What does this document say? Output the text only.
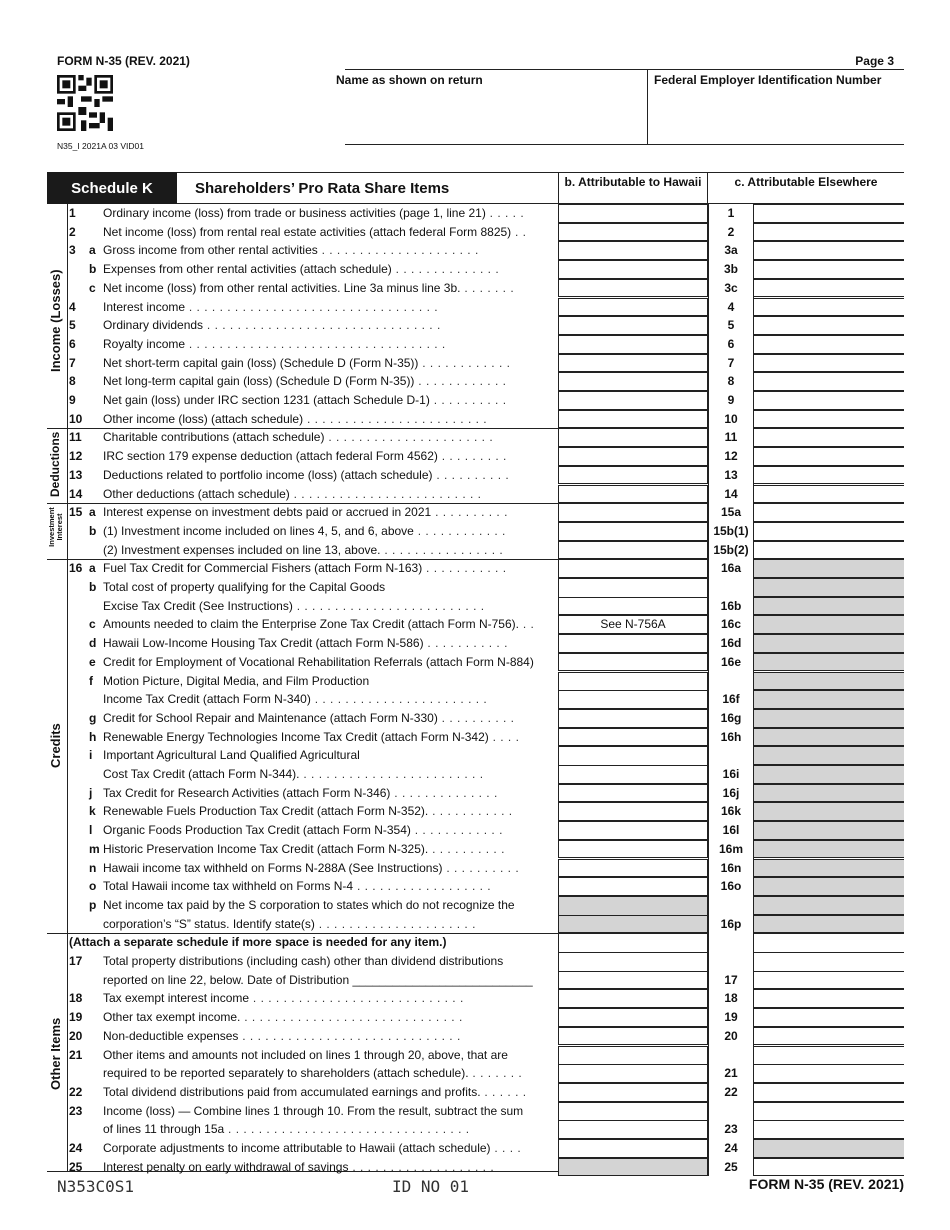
FORM N-35 (REV. 2021)	Page 3
N35_I 2021A 03 VID01
Name as shown on return	Federal Employer Identification Number
Schedule K	Shareholders’ Pro Rata Share Items	b. Attributable to Hawaii	c. Attributable Elsewhere
1 Ordinary income (loss) from trade or business activities (page 1, line 21) . . . . .	1
2 Net income (loss) from rental real estate activities (attach federal Form 8825) . .	2
3 a Gross income from other rental activities . . . . . . . . . . . . . . . . . . . . .	3a
b Expenses from other rental activities (attach schedule) . . . . . . . . . . . . . .	3b
c Net income (loss) from other rental activities. Line 3a minus line 3b. . . . . . . .	3c
4 Interest income . . . . . . . . . . . . . . . . . . . . . . . . . . . . . . . . .	4
5 Ordinary dividends . . . . . . . . . . . . . . . . . . . . . . . . . . . . . . .	5
6 Royalty income . . . . . . . . . . . . . . . . . . . . . . . . . . . . . . . . . .	6
7 Net short-term capital gain (loss) (Schedule D (Form N-35)) . . . . . . . . . . . .	7
8 Net long-term capital gain (loss) (Schedule D (Form N-35)) . . . . . . . . . . . .	8
9 Net gain (loss) under IRC section 1231 (attach Schedule D-1) . . . . . . . . . .	9
10 Other income (loss) (attach schedule) . . . . . . . . . . . . . . . . . . . . . . . .	10
11 Charitable contributions (attach schedule) . . . . . . . . . . . . . . . . . . . . . .	11
12 IRC section 179 expense deduction (attach federal Form 4562) . . . . . . . . .	12
13 Deductions related to portfolio income (loss) (attach schedule) . . . . . . . . . .	13
14 Other deductions (attach schedule) . . . . . . . . . . . . . . . . . . . . . . . . .	14
15 a Interest expense on investment debts paid or accrued in 2021 . . . . . . . . . .	15a
b (1) Investment income included on lines 4, 5, and 6, above . . . . . . . . . . . .	15b(1)
(2) Investment expenses included on line 13, above. . . . . . . . . . . . . . . . .	15b(2)
16 a Fuel Tax Credit for Commercial Fishers (attach Form N-163) . . . . . . . . . . .	16a
b Total cost of property qualifying for the Capital Goods
Excise Tax Credit (See Instructions) . . . . . . . . . . . . . . . . . . . . . . . . .	16b
c Amounts needed to claim the Enterprise Zone Tax Credit (attach Form N-756). . .	See N-756A	16c
d Hawaii Low-Income Housing Tax Credit (attach Form N-586) . . . . . . . . . . .	16d
e Credit for Employment of Vocational Rehabilitation Referrals (attach Form N-884)	16e
f Motion Picture, Digital Media, and Film Production
Income Tax Credit (attach Form N-340) . . . . . . . . . . . . . . . . . . . . . . .	16f
g Credit for School Repair and Maintenance (attach Form N-330) . . . . . . . . . .	16g
h Renewable Energy Technologies Income Tax Credit (attach Form N-342) . . . .	16h
i Important Agricultural Land Qualified Agricultural
Cost Tax Credit (attach Form N-344). . . . . . . . . . . . . . . . . . . . . . . . .	16i
j Tax Credit for Research Activities (attach Form N-346) . . . . . . . . . . . . . .	16j
k Renewable Fuels Production Tax Credit (attach Form N-352). . . . . . . . . . . .	16k
l Organic Foods Production Tax Credit (attach Form N-354) . . . . . . . . . . . .	16l
m Historic Preservation Income Tax Credit (attach Form N-325). . . . . . . . . . .	16m
n Hawaii income tax withheld on Forms N-288A (See Instructions) . . . . . . . . . .	16n
o Total Hawaii income tax withheld on Forms N-4 . . . . . . . . . . . . . . . . . .	16o
p Net income tax paid by the S corporation to states which do not recognize the
corporation’s “S” status. Identify state(s) . . . . . . . . . . . . . . . . . . . . .	16p
(Attach a separate schedule if more space is needed for any item.)
17 Total property distributions (including cash) other than dividend distributions
reported on line 22, below. Date of Distribution ___________________________	17
18 Tax exempt interest income . . . . . . . . . . . . . . . . . . . . . . . . . . . .	18
19 Other tax exempt income. . . . . . . . . . . . . . . . . . . . . . . . . . . . . .	19
20 Non-deductible expenses . . . . . . . . . . . . . . . . . . . . . . . . . . . . .	20
21 Other items and amounts not included on lines 1 through 20, above, that are
required to be reported separately to shareholders (attach schedule). . . . . . . .	21
22 Total dividend distributions paid from accumulated earnings and profits. . . . . . .	22
23 Income (loss) — Combine lines 1 through 10. From the result, subtract the sum
of lines 11 through 15a . . . . . . . . . . . . . . . . . . . . . . . . . . . . . . . .	23
24 Corporate adjustments to income attributable to Hawaii (attach schedule) . . . .	24
25 Interest penalty on early withdrawal of savings . . . . . . . . . . . . . . . . . . .	25
Income (Losses)
Deductions
Investment Interest
Credits
Other Items
N353C0S1	ID NO 01	FORM N-35 (REV. 2021)
